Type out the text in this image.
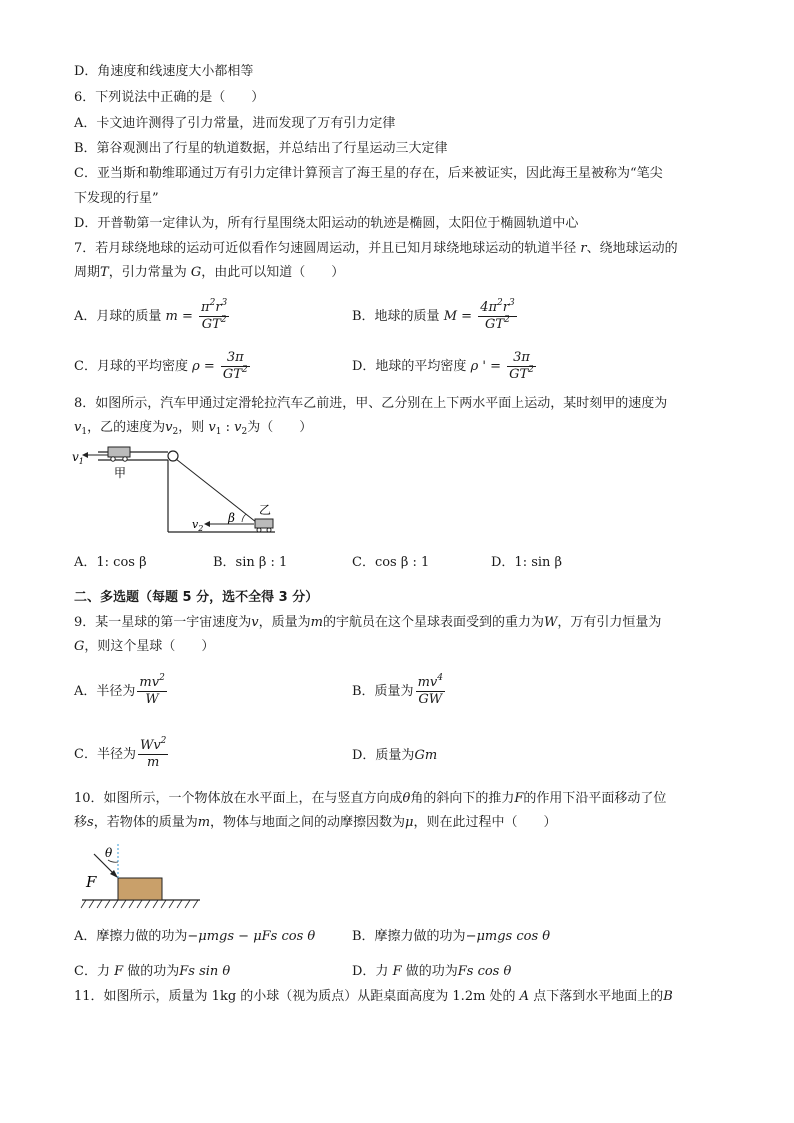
D．角速度和线速度大小都相等
6．下列说法中正确的是（　　）
A．卡文迪许测得了引力常量，进而发现了万有引力定律
B．第谷观测出了行星的轨道数据，并总结出了行星运动三大定律
C．亚当斯和勒维耶通过万有引力定律计算预言了海王星的存在，后来被证实，因此海王星被称为“笔尖
下发现的行星”
D．开普勒第一定律认为，所有行星围绕太阳运动的轨迹是椭圆，太阳位于椭圆轨道中心
7．若月球绕地球的运动可近似看作匀速圆周运动，并且已知月球绕地球运动的轨道半径 r、绕地球运动的
周期T，引力常量为 G，由此可以知道（　　）
A．月球的质量 $m = \frac{\pi^2r^3}{GT^2}$	B．地球的质量 $M = \frac{4\pi^2r^3}{GT^2}$
C．月球的平均密度 $\rho = \frac{3\pi}{GT^2}$	D．地球的平均密度 ρ ' = $\frac{3\pi}{GT^2}$
8．如图所示，汽车甲通过定滑轮拉汽车乙前进，甲、乙分别在上下两水平面上运动，某时刻甲的速度为
$v_1$，乙的速度为$v_2$，则 $v_1$ : $v_2$为（　　）
$v_1$
甲
乙
β
$v_2$
A．1: cos β	B．sin β : 1	C．cos β : 1	D．1: sin β
二、多选题（每题 5 分，选不全得 3 分）
9．某一星球的第一宇宙速度为v，质量为m的宇航员在这个星球表面受到的重力为W，万有引力恒量为
G，则这个星球（　　）
A．半径为 $\frac{mv^2}{W}$	B．质量为 $\frac{mv^4}{GW}$
C．半径为 $\frac{Wv^2}{m}$	D．质量为Gm
10．如图所示，一个物体放在水平面上，在与竖直方向成θ角的斜向下的推力F的作用下沿平面移动了位
移s，若物体的质量为m，物体与地面之间的动摩擦因数为μ，则在此过程中（　　）
θ
F
A．摩擦力做的功为−μmgs − μFs cos θ	B．摩擦力做的功为−μmgs cos θ
C．力 F 做的功为Fs sin θ	D．力 F 做的功为Fs cos θ
11．如图所示，质量为 1kg 的小球（视为质点）从距桌面高度为 1.2m 处的 A 点下落到水平地面上的B
